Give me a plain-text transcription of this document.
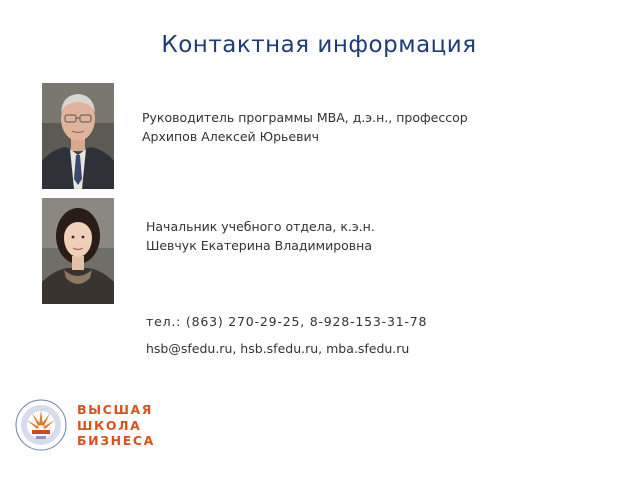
Контактная информация
Руководитель программы MBA, д.э.н., профессор
Архипов Алексей Юрьевич
Начальник учебного отдела, к.э.н.
Шевчук Екатерина Владимировна
тел.: (863) 270-29-25, 8-928-153-31-78
hsb@sfedu.ru, hsb.sfedu.ru, mba.sfedu.ru
ВЫСШАЯ
ШКОЛА
БИЗНЕСА
